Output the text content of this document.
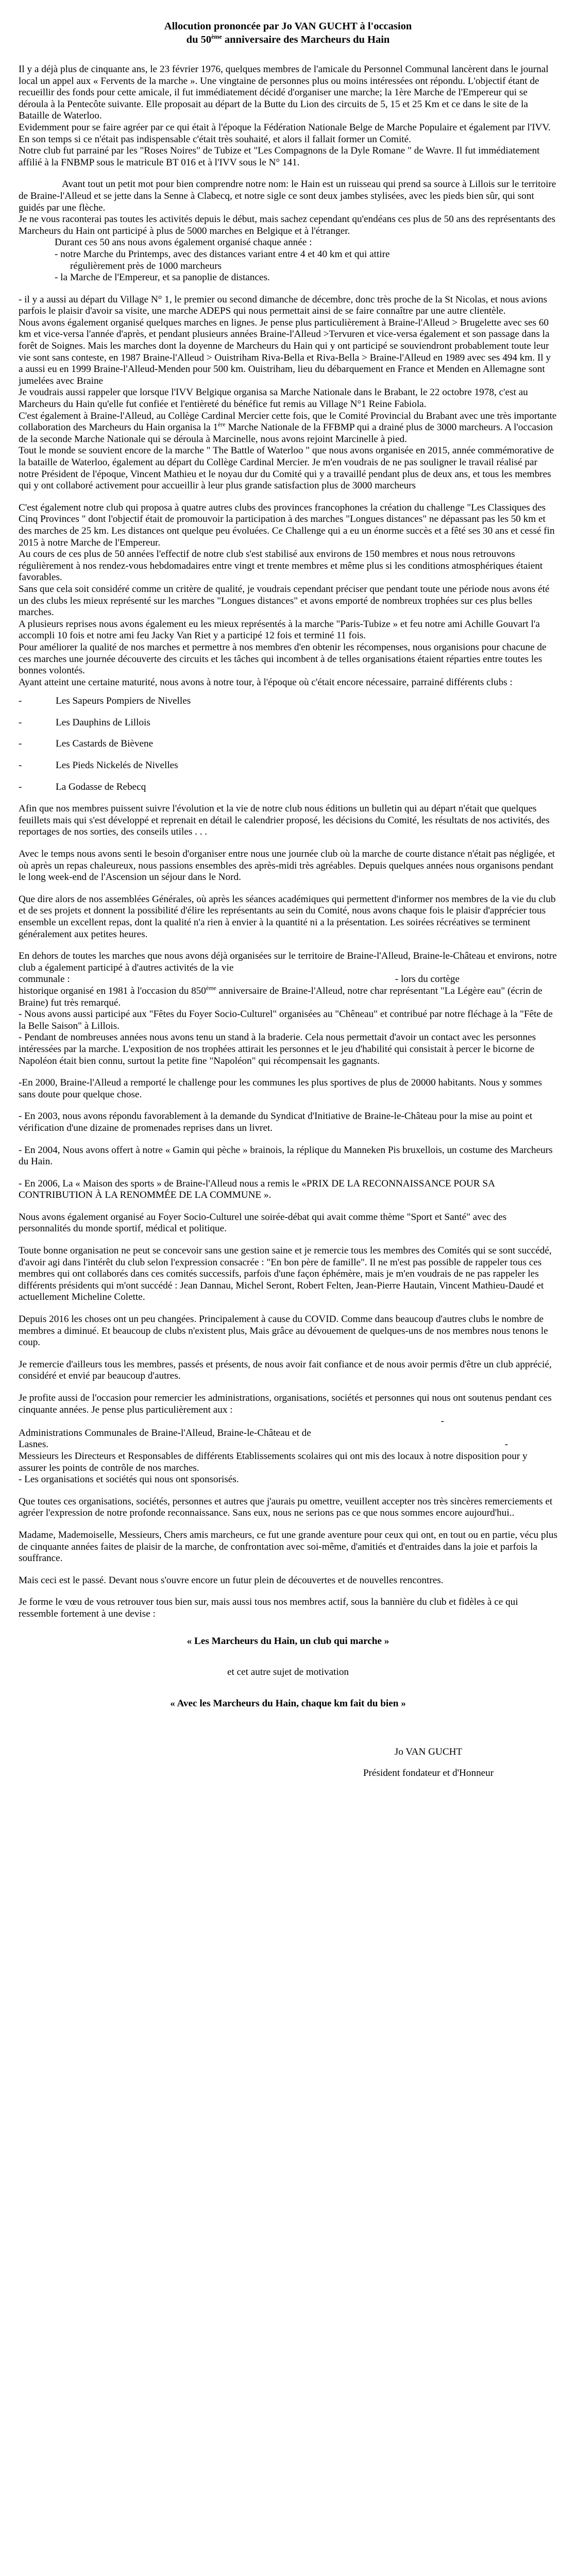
Allocution prononcée par Jo VAN GUCHT à l'occasion
du 50ème anniversaire des Marcheurs du Hain

Il y a déjà plus de cinquante ans, le 23 février 1976, quelques membres de l'amicale du Personnel Communal lancèrent dans le journal local un appel aux « Fervents de la marche ». Une vingtaine de personnes plus ou moins intéressées ont répondu. L'objectif étant de recueillir des fonds pour cette amicale, il fut immédiatement décidé d'organiser une marche; la 1ère Marche de l'Empereur qui se déroula à la Pentecôte suivante. Elle proposait au départ de la Butte du Lion des circuits de 5, 15 et 25 Km et ce dans le site de la Bataille de Waterloo.

Evidemment pour se faire agréer par ce qui était à l'époque la Fédération Nationale Belge de Marche Populaire et également par l'IVV. En son temps si ce n'était pas indispensable c'était très souhaité, et alors il fallait former un Comité.

Notre club fut parrainé par les "Roses Noires" de Tubize et "Les Compagnons de la Dyle Romane " de Wavre. Il fut immédiatement affilié à la FNBMP sous le matricule BT 016 et à l'IVV sous le N° 141.

Avant tout un petit mot pour bien comprendre notre nom: le Hain est un ruisseau qui prend sa source à Lillois sur le territoire de Braine-l'Alleud et se jette dans la Senne à Clabecq, et notre sigle ce sont deux jambes stylisées, avec les pieds bien sûr, qui sont guidés par une flèche.

Je ne vous raconterai pas toutes les activités depuis le début, mais sachez cependant qu'endéans ces plus de 50 ans des représentants des Marcheurs du Hain ont participé à plus de 5000 marches en Belgique et à l'étranger.

Durant ces 50 ans nous avons également organisé chaque année :

- notre Marche du Printemps, avec des distances variant entre 4 et 40 km et qui attire

régulièrement près de 1000 marcheurs

- la Marche de l'Empereur, et sa panoplie de distances.

- il y a aussi au départ du Village N° 1, le premier ou second dimanche de décembre, donc très proche de la St Nicolas, et nous avions parfois le plaisir d'avoir sa visite, une marche ADEPS qui nous permettait ainsi de se faire connaître par une autre clientèle.

Nous avons également organisé quelques marches en lignes. Je pense plus particulièrement à Braine-l'Alleud > Brugelette avec ses 60 km et vice-versa l'année d'après, et pendant plusieurs années Braine-l'Alleud >Tervuren et vice-versa également et son passage dans la forêt de Soignes. Mais les marches dont la doyenne de Marcheurs du Hain qui y ont participé se souviendront probablement toute leur vie sont sans conteste, en 1987 Braine-l'Alleud > Ouistriham Riva-Bella et Riva-Bella > Braine-l'Alleud en 1989 avec ses 494 km. Il y a aussi eu en 1999 Braine-l'Alleud-Menden pour 500 km. Ouistriham, lieu du débarquement en France et Menden en Allemagne sont jumelées avec Braine

Je voudrais aussi rappeler que lorsque l'IVV Belgique organisa sa Marche Nationale dans le Brabant, le 22 octobre 1978, c'est au Marcheurs du Hain qu'elle fut confiée et l'entièreté du bénéfice fut remis au Village N°1 Reine Fabiola.

C'est également à Braine-l'Alleud, au Collège Cardinal Mercier cette fois, que le Comité Provincial du Brabant avec une très importante collaboration des Marcheurs du Hain organisa la 1ère Marche Nationale de la FFBMP qui a drainé plus de 3000 marcheurs. A l'occasion de la seconde Marche Nationale qui se déroula à Marcinelle, nous avons rejoint Marcinelle à pied.

Tout le monde se souvient encore de la marche " The Battle of Waterloo " que nous avons organisée en 2015, année commémorative de la bataille de Waterloo, également au départ du Collège Cardinal Mercier. Je m'en voudrais de ne pas souligner le travail réalisé par notre Président de l'époque, Vincent Mathieu et le noyau dur du Comité qui y a travaillé pendant plus de deux ans, et tous les membres qui y ont collaboré activement pour accueillir à leur plus grande satisfaction plus de 3000 marcheurs

C'est également notre club qui proposa à quatre autres clubs des provinces francophones la création du challenge "Les Classiques des Cinq Provinces " dont l'objectif était de promouvoir la participation à des marches "Longues distances" ne dépassant pas les 50 km et des marches de 25 km. Les distances ont quelque peu évoluées. Ce Challenge qui a eu un énorme succès et a fêté ses 30 ans et cessé fin 2015 à notre Marche de l'Empereur.

Au cours de ces plus de 50 années l'effectif de notre club s'est stabilisé aux environs de 150 membres et nous nous retrouvons régulièrement à nos rendez-vous hebdomadaires entre vingt et trente membres et même plus si les conditions atmosphériques étaient favorables.

Sans que cela soit considéré comme un critère de qualité, je voudrais cependant préciser que pendant toute une période nous avons été un des clubs les mieux représenté sur les marches "Longues distances" et avons emporté de nombreux trophées sur ces plus belles marches.

A plusieurs reprises nous avons également eu les mieux représentés à la marche "Paris-Tubize » et feu notre ami Achille Gouvart l'a accompli 10 fois et notre ami feu Jacky Van Riet y a participé 12 fois et terminé 11 fois.

Pour améliorer la qualité de nos marches et permettre à nos membres d'en obtenir les récompenses, nous organisions pour chacune de ces marches une journée découverte des circuits et les tâches qui incombent à de telles organisations étaient réparties entre toutes les bonnes volontés.

Ayant atteint une certaine maturité, nous avons à notre tour, à l'époque où c'était encore nécessaire, parrainé différents clubs :

-	Les Sapeurs Pompiers de Nivelles
-	Les Dauphins de Lillois
-	Les Castards de Bièvene
-	Les Pieds Nickelés de Nivelles
-	La Godasse de Rebecq

Afin que nos membres puissent suivre l'évolution et la vie de notre club nous éditions un bulletin qui au départ n'était que quelques feuillets mais qui s'est développé et reprenait en détail le calendrier proposé, les décisions du Comité, les résultats de nos activités, des reportages de nos sorties, des conseils utiles . . .

Avec le temps nous avons senti le besoin d'organiser entre nous une journée club où la marche de courte distance n'était pas négligée, et où après un repas chaleureux, nous passions ensembles des après-midi très agréables. Depuis quelques années nous organisons pendant le long week-end de l'Ascension un séjour dans le Nord.

Que dire alors de nos assemblées Générales, où après les séances académiques qui permettent d'informer nos membres de la vie du club et de ses projets et donnent la possibilité d'élire les représentants au sein du Comité, nous avons chaque fois le plaisir d'apprécier tous ensemble un excellent repas, dont la qualité n'a rien à envier à la quantité ni a la présentation. Les soirées récréatives se terminent généralement aux petites heures.

En dehors de toutes les marches que nous avons déjà organisées sur le territoire de Braine-l'Alleud, Braine-le-Château et environs, notre club a également participé à d'autres activités de la vie

communale :	- lors du cortège

historique organisé en 1981 à l'occasion du 850ème anniversaire de Braine-l'Alleud, notre char représentant "La Légère eau" (écrin de Braine) fut très remarqué.

- Nous avons aussi participé aux "Fêtes du Foyer Socio-Culturel" organisées au "Chêneau" et contribué par notre fléchage à la "Fête de la Belle Saison" à Lillois.

- Pendant de nombreuses années nous avons tenu un stand à la braderie. Cela nous permettait d'avoir un contact avec les personnes intéressées par la marche. L'exposition de nos trophées attirait les personnes et le jeu d'habilité qui consistait à percer le bicorne de Napoléon était bien connu, surtout la petite fine "Napoléon" qui récompensait les gagnants.

-En 2000, Braine-l'Alleud a remporté le challenge pour les communes les plus sportives de plus de 20000 habitants. Nous y sommes sans doute pour quelque chose.

- En 2003, nous avons répondu favorablement à la demande du Syndicat d'Initiative de Braine-le-Château pour la mise au point et vérification d'une dizaine de promenades reprises dans un livret.

- En 2004, Nous avons offert à notre « Gamin qui pèche » brainois, la réplique du Manneken Pis bruxellois, un costume des Marcheurs du Hain.

- En 2006, La « Maison des sports » de Braine-l'Alleud nous a remis le «PRIX DE LA RECONNAISSANCE POUR SA CONTRIBUTION À LA RENOMMÉE DE LA COMMUNE ».

Nous avons également organisé au Foyer Socio-Culturel une soirée-débat qui avait comme thème "Sport et Santé" avec des personnalités du monde sportif, médical et politique.

Toute bonne organisation ne peut se concevoir sans une gestion saine et je remercie tous les membres des Comités qui se sont succédé, d'avoir agi dans l'intérêt du club selon l'expression consacrée : "En bon père de famille". Il ne m'est pas possible de rappeler tous ces membres qui ont collaborés dans ces comités successifs, parfois d'une façon éphémère, mais je m'en voudrais de ne pas rappeler les différents présidents qui m'ont succédé : Jean Dannau, Michel Seront, Robert Felten, Jean-Pierre Hautain, Vincent Mathieu-Daudé et actuellement Micheline Colette.

Depuis 2016 les choses ont un peu changées. Principalement à cause du COVID. Comme dans beaucoup d'autres clubs le nombre de membres a diminué. Et beaucoup de clubs n'existent plus, Mais grâce au dévouement de quelques-uns de nos membres nous tenons le coup.

Je remercie d'ailleurs tous les membres, passés et présents, de nous avoir fait confiance et de nous avoir permis d'être un club apprécié, considéré et envié par beaucoup d'autres.

Je profite aussi de l'occasion pour remercier les administrations, organisations, sociétés et personnes qui nous ont soutenus pendant ces cinquante années. Je pense plus particulièrement aux :

-

Administrations Communales de Braine-l'Alleud, Braine-le-Château et de

Lasnes.	-

Messieurs les Directeurs et Responsables de différents Etablissements scolaires qui ont mis des locaux à notre disposition pour y assurer les points de contrôle de nos marches.

- Les organisations et sociétés qui nous ont sponsorisés.

Que toutes ces organisations, sociétés, personnes et autres que j'aurais pu omettre, veuillent accepter nos très sincères remerciements et agréer l'expression de notre profonde reconnaissance. Sans eux, nous ne serions pas ce que nous sommes encore aujourd'hui..

Madame, Mademoiselle, Messieurs, Chers amis marcheurs, ce fut une grande aventure pour ceux qui ont, en tout ou en partie, vécu plus de cinquante années faites de plaisir de la marche, de confrontation avec soi-même, d'amitiés et d'entraides dans la joie et parfois la souffrance.

Mais ceci est le passé. Devant nous s'ouvre encore un futur plein de découvertes et de nouvelles rencontres.

Je forme le vœu de vous retrouver tous bien sur, mais aussi tous nos membres actif, sous la bannière du club et fidèles à ce qui ressemble fortement à une devise :

« Les Marcheurs du Hain, un club qui marche »

et cet autre sujet de motivation

« Avec les Marcheurs du Hain, chaque km fait du bien »

Jo VAN GUCHT

Président fondateur et d'Honneur
